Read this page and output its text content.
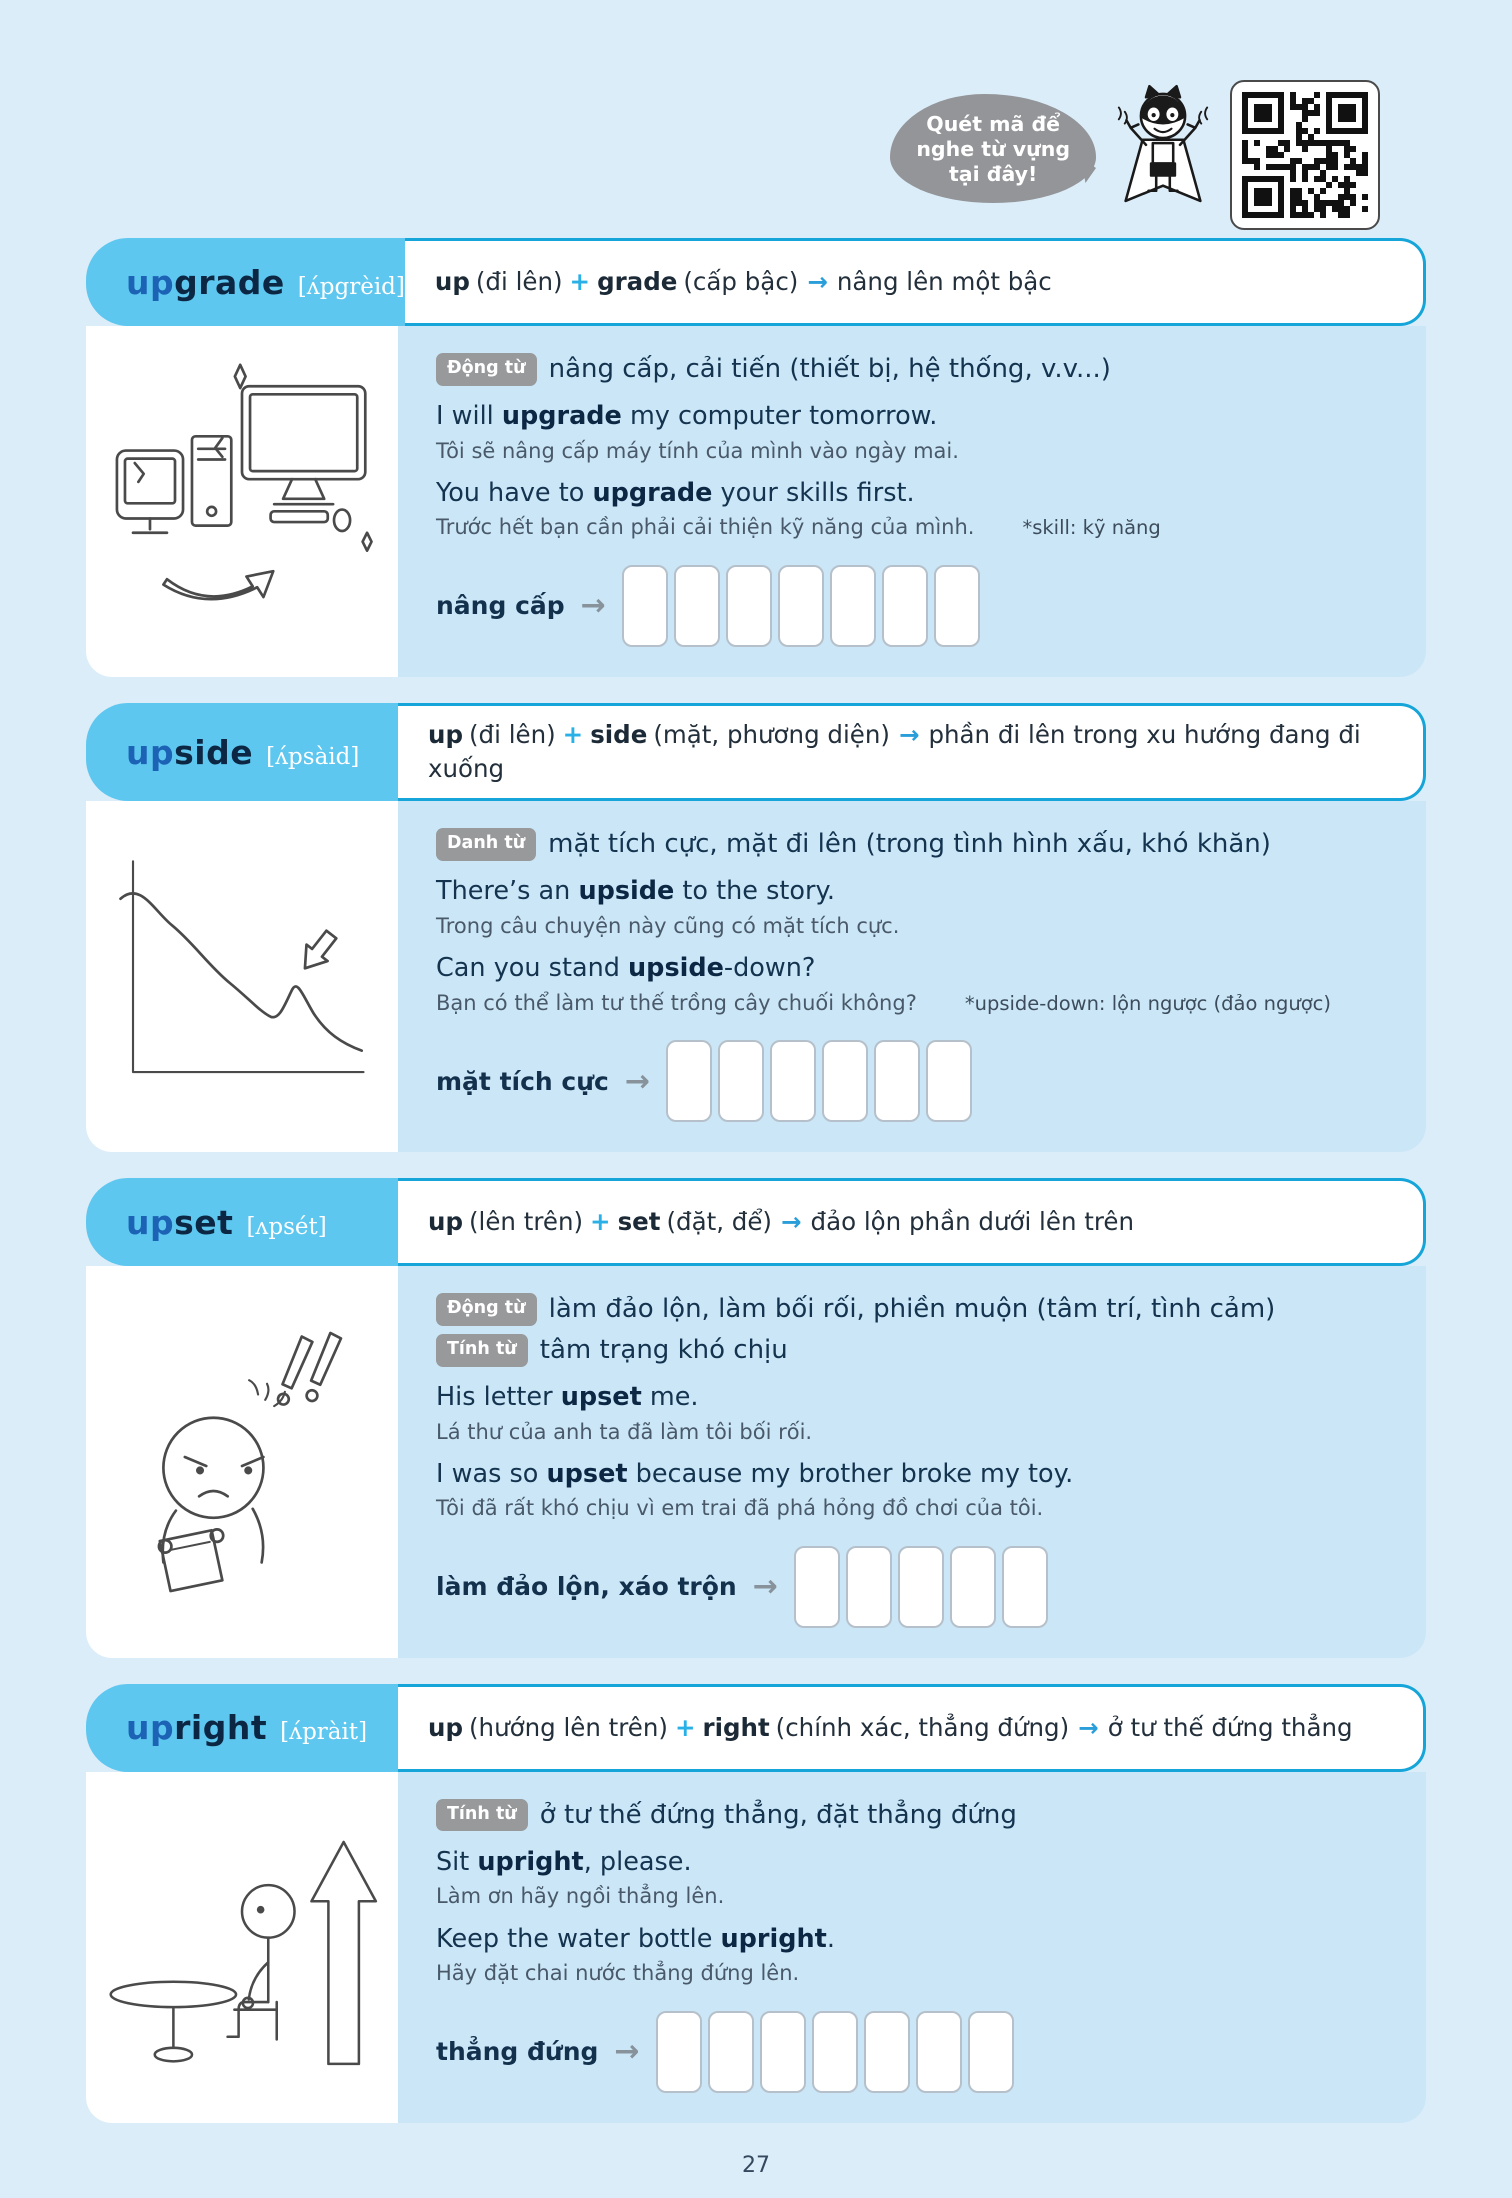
Quét mã để
nghe từ vựng
tại đây!
upgrade [ʌ́pgrèid] up (đi lên) + grade (cấp bậc) → nâng lên một bậc

Động từ nâng cấp, cải tiến (thiết bị, hệ thống, v.v...)

I will upgrade my computer tomorrow.

Tôi sẽ nâng cấp máy tính của mình vào ngày mai.

You have to upgrade your skills first.

Trước hết bạn cần phải cải thiện kỹ năng của mình. *skill: kỹ năng

nâng cấp →
upside [ʌ́psàid]

up (đi lên) + side (mặt, phương diện) → phần đi lên trong xu hướng đang đi xuống

Danh từ mặt tích cực, mặt đi lên (trong tình hình xấu, khó khăn)

There’s an upside to the story.

Trong câu chuyện này cũng có mặt tích cực.

Can you stand upside-down?

Bạn có thể làm tư thế trồng cây chuối không? *upside-down: lộn ngược (đảo ngược)

mặt tích cực →
upset [ʌpsét]	up (lên trên) + set (đặt, để) → đảo lộn phần dưới lên trên

Động từ làm đảo lộn, làm bối rối, phiền muộn (tâm trí, tình cảm)
Tính từ tâm trạng khó chịu

His letter upset me.

Lá thư của anh ta đã làm tôi bối rối.

I was so upset because my brother broke my toy.

Tôi đã rất khó chịu vì em trai đã phá hỏng đồ chơi của tôi.

làm đảo lộn, xáo trộn →
upright [ʌ́pràit] up (hướng lên trên) + right (chính xác, thẳng đứng) → ở tư thế đứng thẳng

Tính từ ở tư thế đứng thẳng, đặt thẳng đứng

Sit upright, please.

Làm ơn hãy ngồi thẳng lên.

Keep the water bottle upright.

Hãy đặt chai nước thẳng đứng lên.

thẳng đứng →
27
